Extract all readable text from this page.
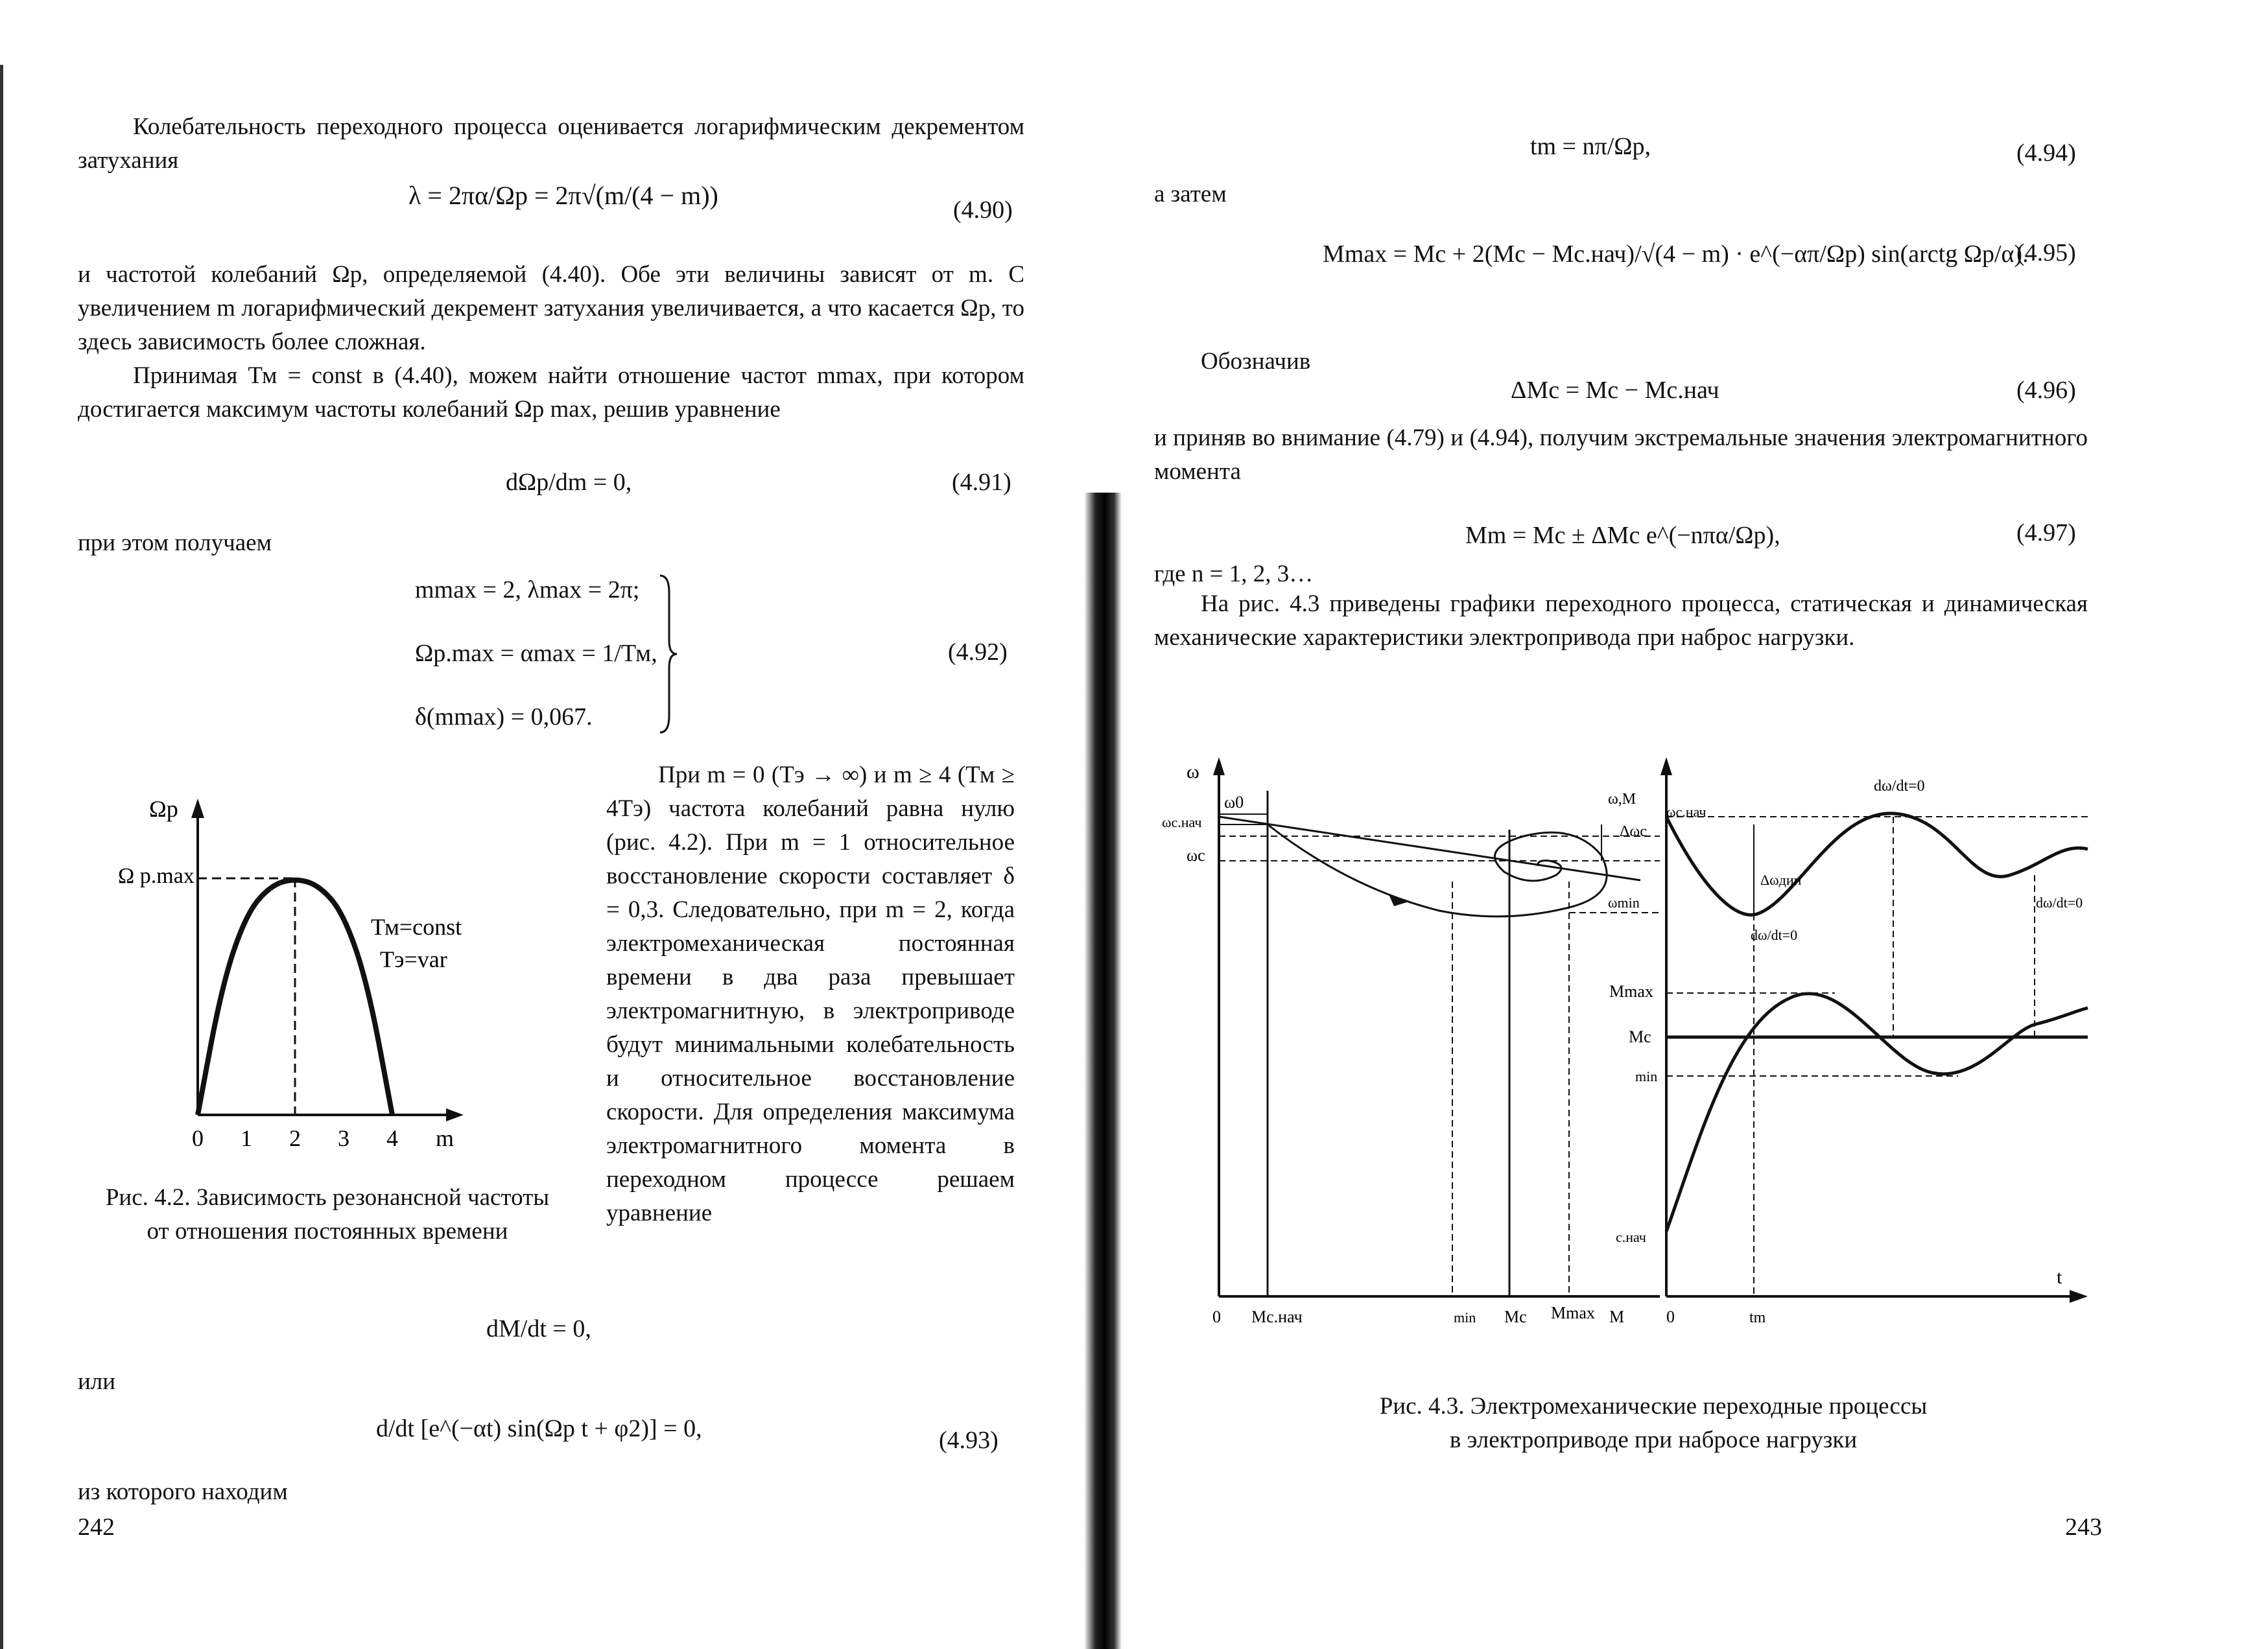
Колебательность переходного процесса оценивается логарифмическим декрементом затухания
λ = 2πα/Ωp = 2π√(m/(4 − m))	(4.90)
и частотой колебаний Ωр, определяемой (4.40). Обе эти величины зависят от m. С увеличением m логарифмический декремент затухания увеличивается, а что касается Ωр, то здесь зависимость более сложная.
Принимая Тм = const в (4.40), можем найти отношение частот mmax, при котором достигается максимум частоты колебаний Ωр max, решив уравнение
dΩр/dm = 0,	(4.91)
при этом получаем
mmax = 2, λmax = 2π;
Ωp.max = αmax = 1/Тм,
δ(mmax) = 0,067.
(4.92)
Ωр
Ω p.max
Тм=const
Тэ=var
0 1 2 3 4 m
Рис. 4.2. Зависимость резонансной частоты
от отношения постоянных времени
При m = 0 (Тэ → ∞) и m ≥ 4 (Тм ≥ 4Тэ) частота колебаний равна нулю (рис. 4.2). При m = 1 относительное восстановление скорости составляет δ = 0,3. Следовательно, при m = 2, когда электромеханическая постоянная времени в два раза превышает электромагнитную, в электроприводе будут минимальными колебательность и относительное восстановление скорости. Для определения максимума электромагнитного момента в переходном процессе решаем уравнение
dM/dt = 0,
или
d/dt [e^(−αt) sin(Ωр t + φ2)] = 0,	(4.93)
из которого находим
242
tm = nπ/Ωр,	(4.94)
а затем
Mmax = Mc + 2(Mc − Mc.нач)/√(4 − m) · e^(−απ/Ωp) sin(arctg Ωp/α).
(4.95)
Обозначив
ΔMc = Mc − Mc.нач	(4.96)
и приняв во внимание (4.79) и (4.94), получим экстремальные значения электромагнитного момента
Mm = Mc ± ΔMc e^(−nπα/Ωр),	(4.97)
где n = 1, 2, 3…
На рис. 4.3 приведены графики переходного процесса, статическая и динамическая механические характеристики электропривода при наброс нагрузки.
ω
ω0
ωс.нач
ωс
0 Mс.нач	min Mс Mmax M
ω,M
ωс.нач
Δωс
ωmin
Δωдин
dω/dt=0
dω/dt=0
dω/dt=0
Mmax
Mс
min
с.нач
t
0	tm
Рис. 4.3. Электромеханические переходные процессы
в электроприводе при набросе нагрузки
243
